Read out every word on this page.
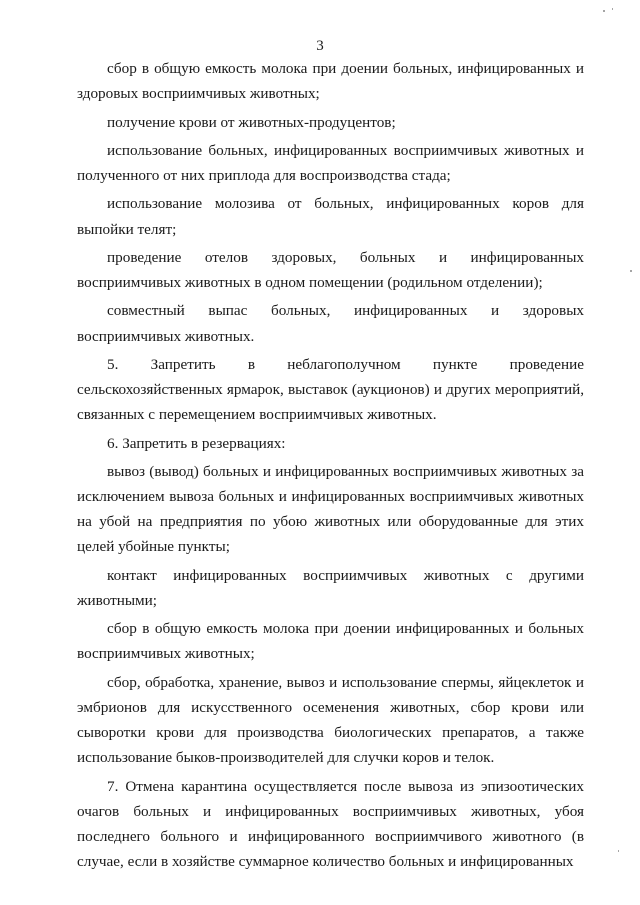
3

сбор в общую емкость молока при доении больных, инфицированных и здоровых восприимчивых животных;

получение крови от животных-продуцентов;

использование больных, инфицированных восприимчивых животных и полученного от них приплода для воспроизводства стада;

использование молозива от больных, инфицированных коров для выпойки телят;

проведение отелов здоровых, больных и инфицированных восприимчивых животных в одном помещении (родильном отделении);

совместный выпас больных, инфицированных и здоровых восприимчивых животных.

5. Запретить в неблагополучном пункте проведение сельскохозяйственных ярмарок, выставок (аукционов) и других мероприятий, связанных с перемещением восприимчивых животных.

6. Запретить в резервациях:

вывоз (вывод) больных и инфицированных восприимчивых животных за исключением вывоза больных и инфицированных восприимчивых животных на убой на предприятия по убою животных или оборудованные для этих целей убойные пункты;

контакт инфицированных восприимчивых животных с другими животными;

сбор в общую емкость молока при доении инфицированных и больных восприимчивых животных;

сбор, обработка, хранение, вывоз и использование спермы, яйцеклеток и эмбрионов для искусственного осеменения животных, сбор крови или сыворотки крови для производства биологических препаратов, а также использование быков-производителей для случки коров и телок.

7. Отмена карантина осуществляется после вывоза из эпизоотических очагов больных и инфицированных восприимчивых животных, убоя последнего больного и инфицированного восприимчивого животного (в случае, если в хозяйстве суммарное количество больных и инфицированных
